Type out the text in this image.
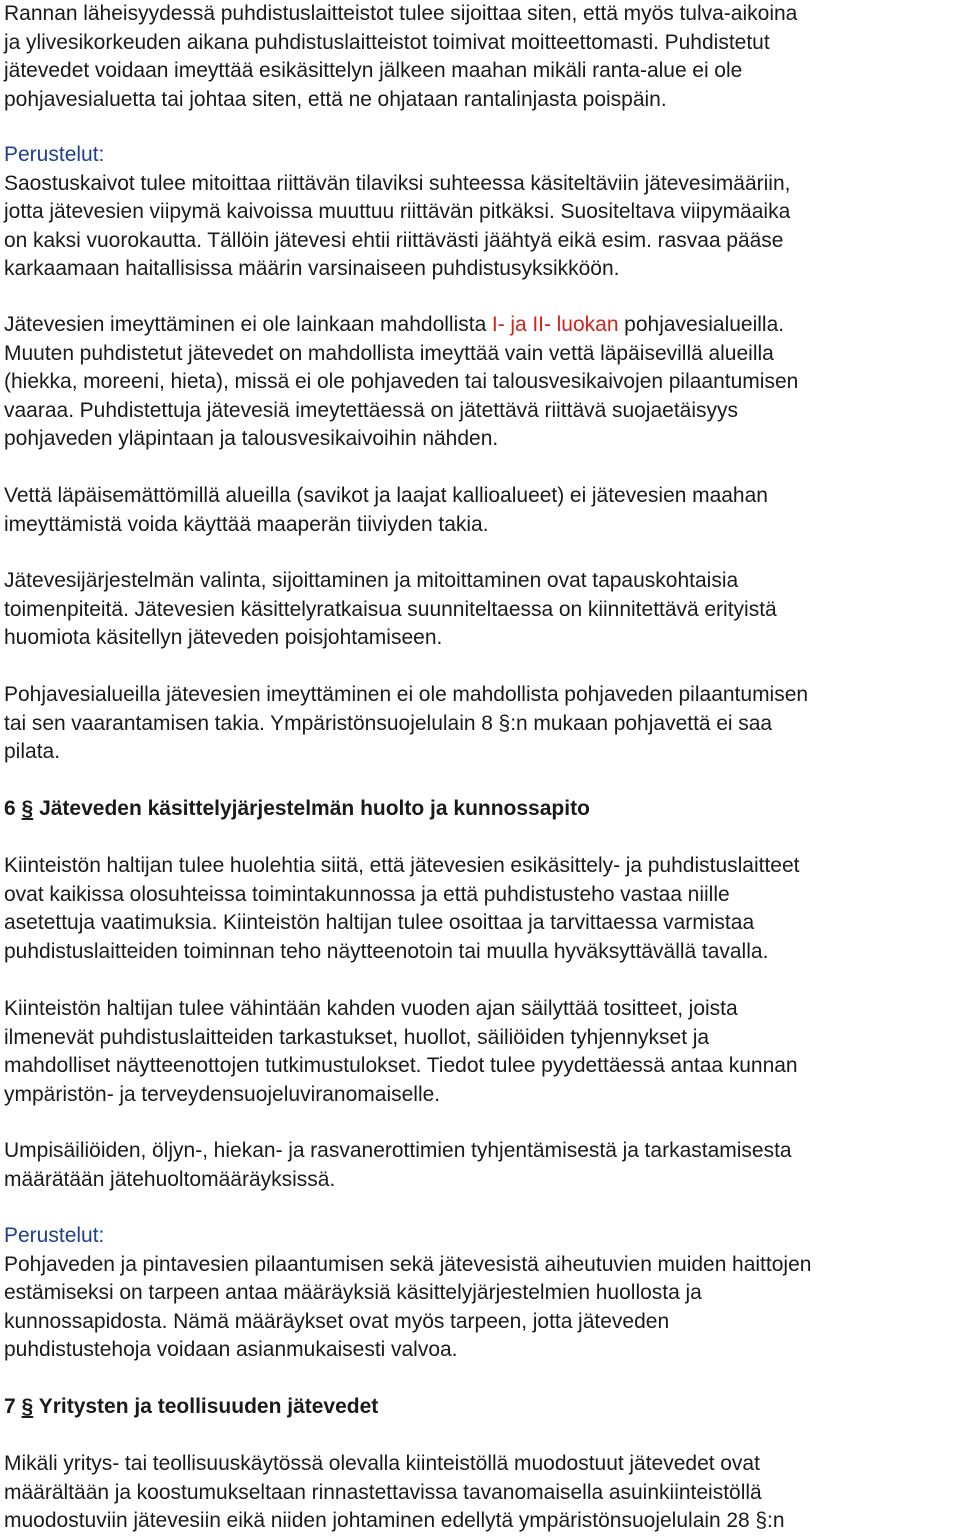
Rannan läheisyydessä puhdistuslaitteistot tulee sijoittaa siten, että myös tulva-aikoina
ja ylivesikorkeuden aikana puhdistuslaitteistot toimivat moitteettomasti. Puhdistetut
jätevedet voidaan imeyttää esikäsittelyn jälkeen maahan mikäli ranta-alue ei ole
pohjavesialuetta tai johtaa siten, että ne ohjataan rantalinjasta poispäin.

Perustelut:
Saostuskaivot tulee mitoittaa riittävän tilaviksi suhteessa käsiteltäviin jätevesimääriin,
jotta jätevesien viipymä kaivoissa muuttuu riittävän pitkäksi. Suositeltava viipymäaika
on kaksi vuorokautta. Tällöin jätevesi ehtii riittävästi jäähtyä eikä esim. rasvaa pääse
karkaamaan haitallisissa määrin varsinaiseen puhdistusyksikköön.

Jätevesien imeyttäminen ei ole lainkaan mahdollista I- ja II- luokan pohjavesialueilla.
Muuten puhdistetut jätevedet on mahdollista imeyttää vain vettä läpäisevillä alueilla
(hiekka, moreeni, hieta), missä ei ole pohjaveden tai talousvesikaivojen pilaantumisen
vaaraa. Puhdistettuja jätevesiä imeytettäessä on jätettävä riittävä suojaetäisyys
pohjaveden yläpintaan ja talousvesikaivoihin nähden.

Vettä läpäisemättömillä alueilla (savikot ja laajat kallioalueet) ei jätevesien maahan
imeyttämistä voida käyttää maaperän tiiviyden takia.

Jätevesijärjestelmän valinta, sijoittaminen ja mitoittaminen ovat tapauskohtaisia
toimenpiteitä. Jätevesien käsittelyratkaisua suunniteltaessa on kiinnitettävä erityistä
huomiota käsitellyn jäteveden poisjohtamiseen.

Pohjavesialueilla jätevesien imeyttäminen ei ole mahdollista pohjaveden pilaantumisen
tai sen vaarantamisen takia. Ympäristönsuojelulain 8 §:n mukaan pohjavettä ei saa
pilata.

6 § Jäteveden käsittelyjärjestelmän huolto ja kunnossapito

Kiinteistön haltijan tulee huolehtia siitä, että jätevesien esikäsittely- ja puhdistuslaitteet
ovat kaikissa olosuhteissa toimintakunnossa ja että puhdistusteho vastaa niille
asetettuja vaatimuksia. Kiinteistön haltijan tulee osoittaa ja tarvittaessa varmistaa
puhdistuslaitteiden toiminnan teho näytteenotoin tai muulla hyväksyttävällä tavalla.

Kiinteistön haltijan tulee vähintään kahden vuoden ajan säilyttää tositteet, joista
ilmenevät puhdistuslaitteiden tarkastukset, huollot, säiliöiden tyhjennykset ja
mahdolliset näytteenottojen tutkimustulokset. Tiedot tulee pyydettäessä antaa kunnan
ympäristön- ja terveydensuojeluviranomaiselle.

Umpisäiliöiden, öljyn-, hiekan- ja rasvanerottimien tyhjentämisestä ja tarkastamisesta
määrätään jätehuoltomääräyksissä.

Perustelut:
Pohjaveden ja pintavesien pilaantumisen sekä jätevesistä aiheutuvien muiden haittojen
estämiseksi on tarpeen antaa määräyksiä käsittelyjärjestelmien huollosta ja
kunnossapidosta. Nämä määräykset ovat myös tarpeen, jotta jäteveden
puhdistustehoja voidaan asianmukaisesti valvoa.

7 § Yritysten ja teollisuuden jätevedet

Mikäli yritys- tai teollisuuskäytössä olevalla kiinteistöllä muodostuut jätevedet ovat
määrältään ja koostumukseltaan rinnastettavissa tavanomaisella asuinkiinteistöllä
muodostuviin jätevesiin eikä niiden johtaminen edellytä ympäristönsuojelulain 28 §:n
